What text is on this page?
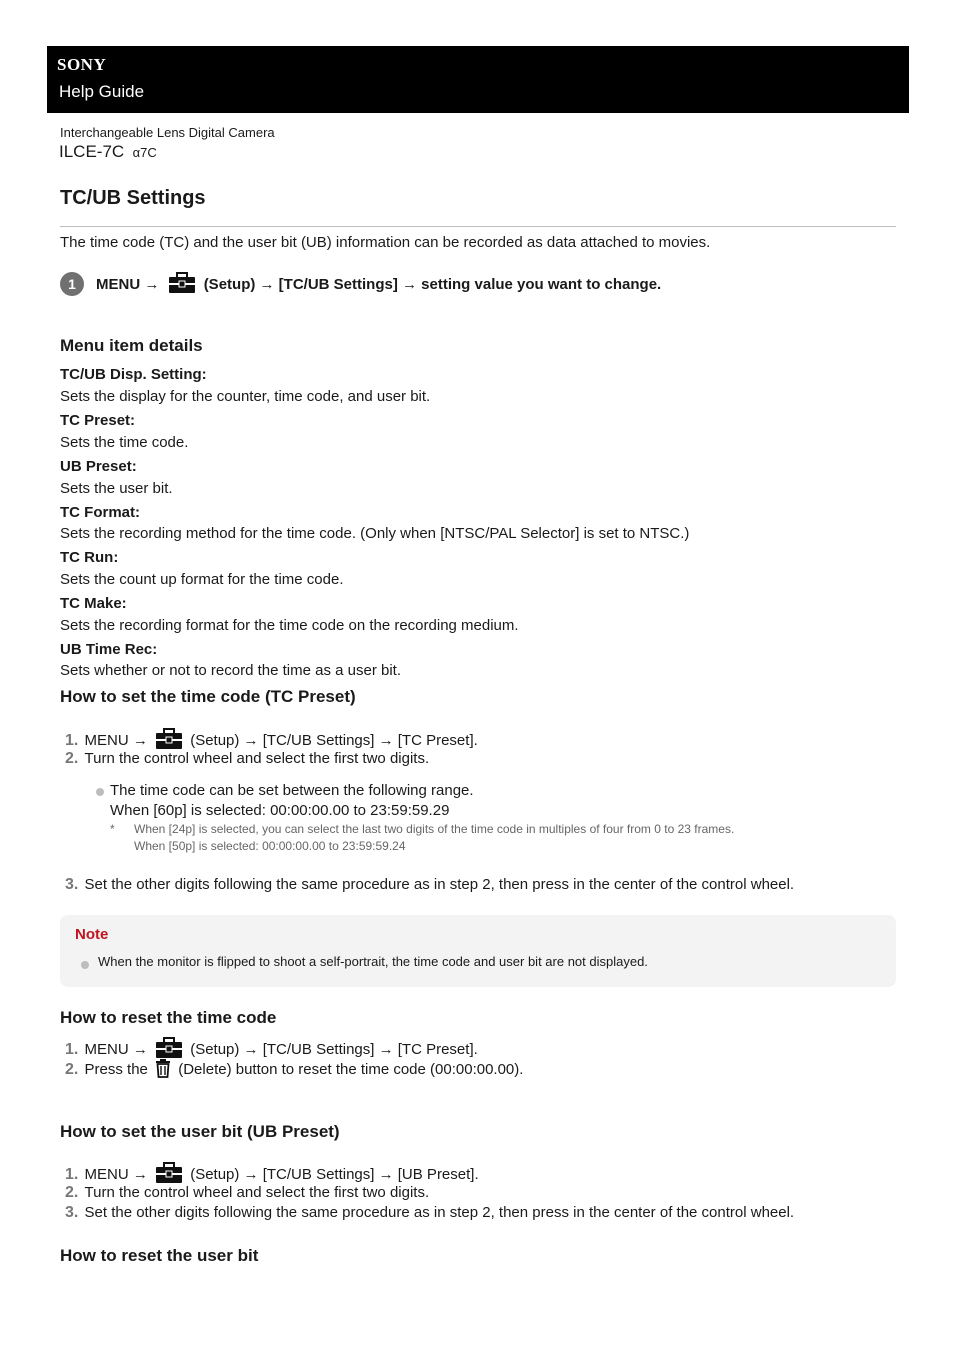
SONY
Help Guide
Interchangeable Lens Digital Camera
ILCE-7C α7C
TC/UB Settings
The time code (TC) and the user bit (UB) information can be recorded as data attached to movies.
1	MENU →	(Setup) → [TC/UB Settings] → setting value you want to change.
Menu item details
TC/UB Disp. Setting:
Sets the display for the counter, time code, and user bit.
TC Preset:
Sets the time code.
UB Preset:
Sets the user bit.
TC Format:
Sets the recording method for the time code. (Only when [NTSC/PAL Selector] is set to NTSC.)
TC Run:
Sets the count up format for the time code.
TC Make:
Sets the recording format for the time code on the recording medium.
UB Time Rec:
Sets whether or not to record the time as a user bit.
How to set the time code (TC Preset)
1. MENU →	(Setup) → [TC/UB Settings] → [TC Preset].
2. Turn the control wheel and select the first two digits.
The time code can be set between the following range.
When [60p] is selected: 00:00:00.00 to 23:59:59.29
* When [24p] is selected, you can select the last two digits of the time code in multiples of four from 0 to 23 frames.
When [50p] is selected: 00:00:00.00 to 23:59:59.24
3. Set the other digits following the same procedure as in step 2, then press in the center of the control wheel.
Note
When the monitor is flipped to shoot a self-portrait, the time code and user bit are not displayed.
How to reset the time code
1. MENU →	(Setup) → [TC/UB Settings] → [TC Preset].
2. Press the (Delete) button to reset the time code (00:00:00.00).
How to set the user bit (UB Preset)
1. MENU →	(Setup) → [TC/UB Settings] → [UB Preset].
2. Turn the control wheel and select the first two digits.
3. Set the other digits following the same procedure as in step 2, then press in the center of the control wheel.
How to reset the user bit
